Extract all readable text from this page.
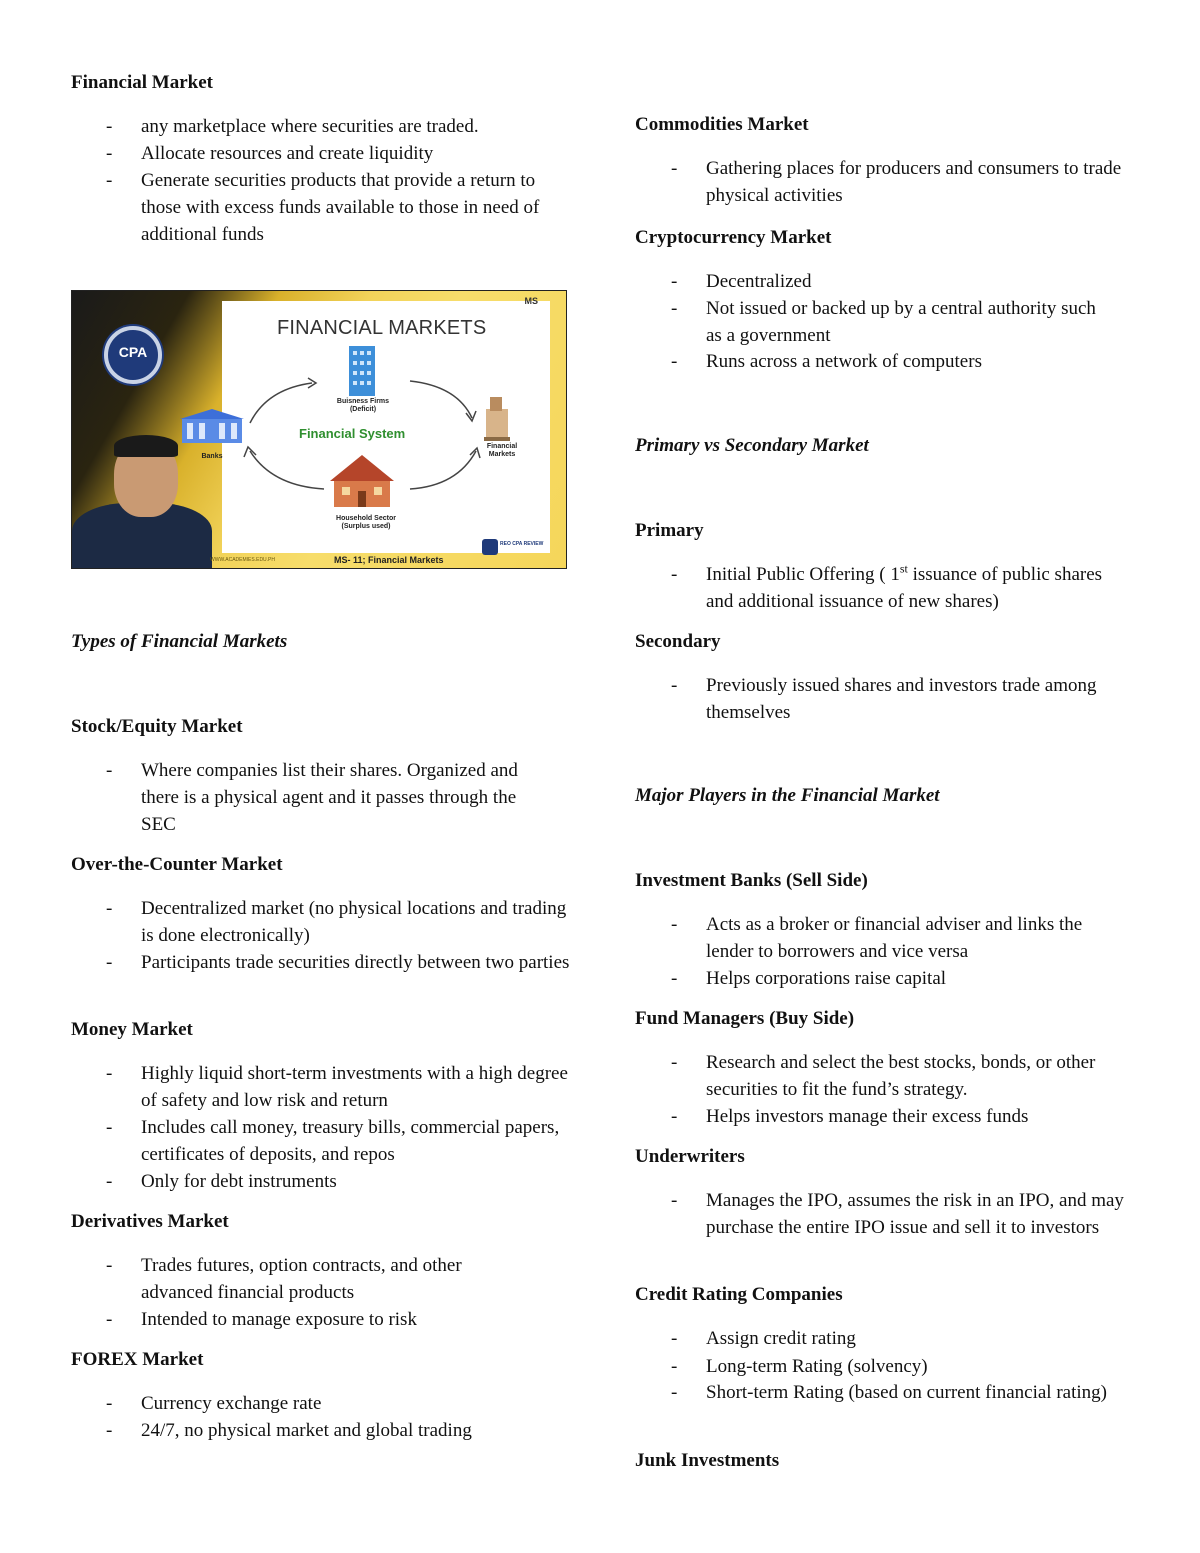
Financial Market
- any marketplace where securities are traded.
- Allocate resources and create liquidity
- Generate securities products that provide a return to those with excess funds available to those in need of additional funds
Types of Financial Markets
Stock/Equity Market
- Where companies list their shares. Organized and there is a physical agent and it passes through the SEC
Over-the-Counter Market
- Decentralized market (no physical locations and trading is done electronically)
- Participants trade securities directly between two parties
Money Market
- Highly liquid short-term investments with a high degree of safety and low risk and return
- Includes call money, treasury bills, commercial papers, certificates of deposits, and repos
- Only for debt instruments
Derivatives Market
- Trades futures, option contracts, and other advanced financial products
- Intended to manage exposure to risk
FOREX Market
- Currency exchange rate
- 24/7, no physical market and global trading
MS
CPA
FINANCIAL MARKETS
Financial System
Buisness Firms (Deficit)
Banks
Financial Markets
Household Sector (Surplus used)
WWW.ACADEMIES.EDU.PH	MS- 11; Financial Markets
REO CPA REVIEW
Commodities Market
- Gathering places for producers and consumers to trade physical activities
Cryptocurrency Market
- Decentralized
- Not issued or backed up by a central authority such as a government
- Runs across a network of computers
Primary vs Secondary Market
Primary
- Initial Public Offering ( 1st issuance of public shares and additional issuance of new shares)
Secondary
- Previously issued shares and investors trade among themselves
Major Players in the Financial Market
Investment Banks (Sell Side)
- Acts as a broker or financial adviser and links the lender to borrowers and vice versa
- Helps corporations raise capital
Fund Managers (Buy Side)
- Research and select the best stocks, bonds, or other securities to fit the fund’s strategy.
- Helps investors manage their excess funds
Underwriters
- Manages the IPO, assumes the risk in an IPO, and may purchase the entire IPO issue and sell it to investors
Credit Rating Companies
- Assign credit rating
- Long-term Rating (solvency)
- Short-term Rating (based on current financial rating)
Junk Investments
